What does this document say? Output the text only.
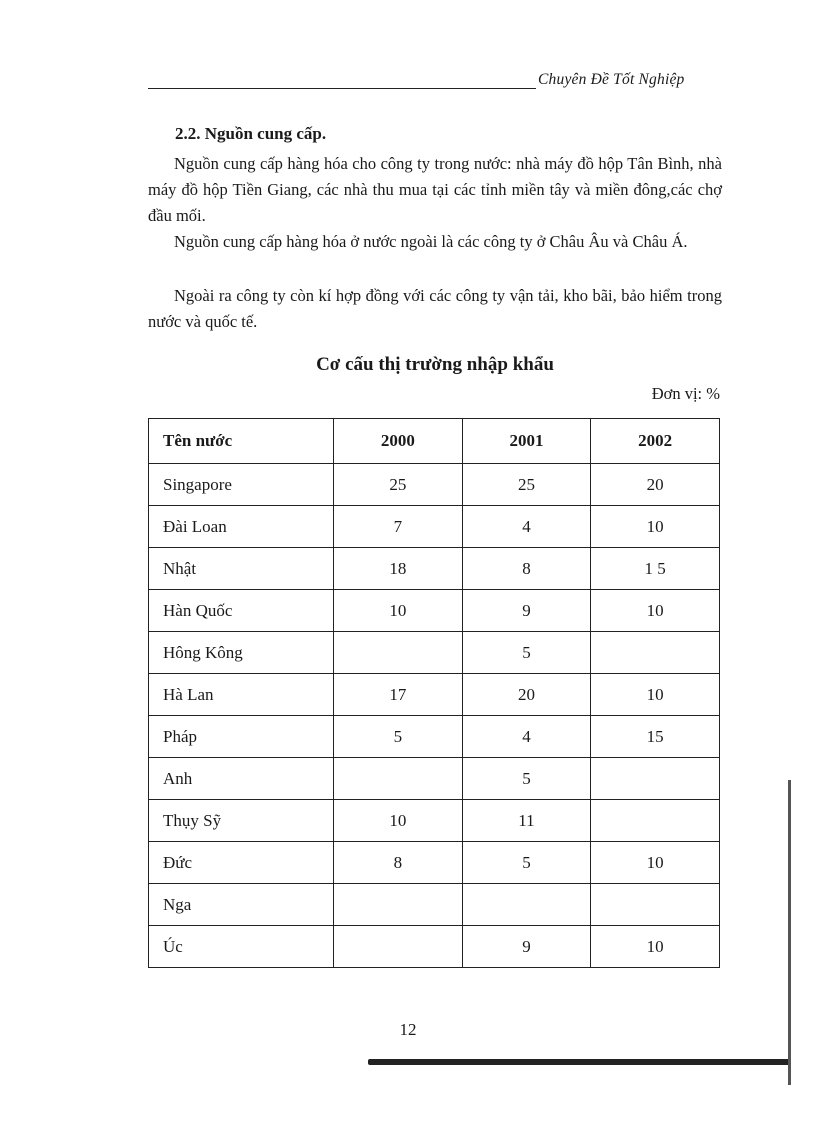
Chuyên Đề Tốt Nghiệp
2.2. Nguồn cung cấp.

Nguồn cung cấp hàng hóa cho công ty trong nước: nhà máy đồ hộp Tân Bình, nhà máy đồ hộp Tiền Giang, các nhà thu mua tại các tỉnh miền tây và miền đông,các chợ đầu mối.

Nguồn cung cấp hàng hóa ở nước ngoài là các công ty ở Châu Âu và Châu Á.

Ngoài ra công ty còn kí hợp đồng với các công ty vận tải, kho bãi, bảo hiểm trong nước và quốc tế.

Cơ cấu thị trường nhập khẩu
Đơn vị: %
Tên nước	2000	2001	2002
Singapore	25	25	20
Đài Loan	7	4	10
Nhật	18	8	1 5
Hàn Quốc	10	9	10
Hông Kông		5	
Hà Lan	17	20	10
Pháp	5	4	15
Anh		5	
Thụy Sỹ	10	11	
Đức	8	5	10
Nga			
Úc		9	10
12
